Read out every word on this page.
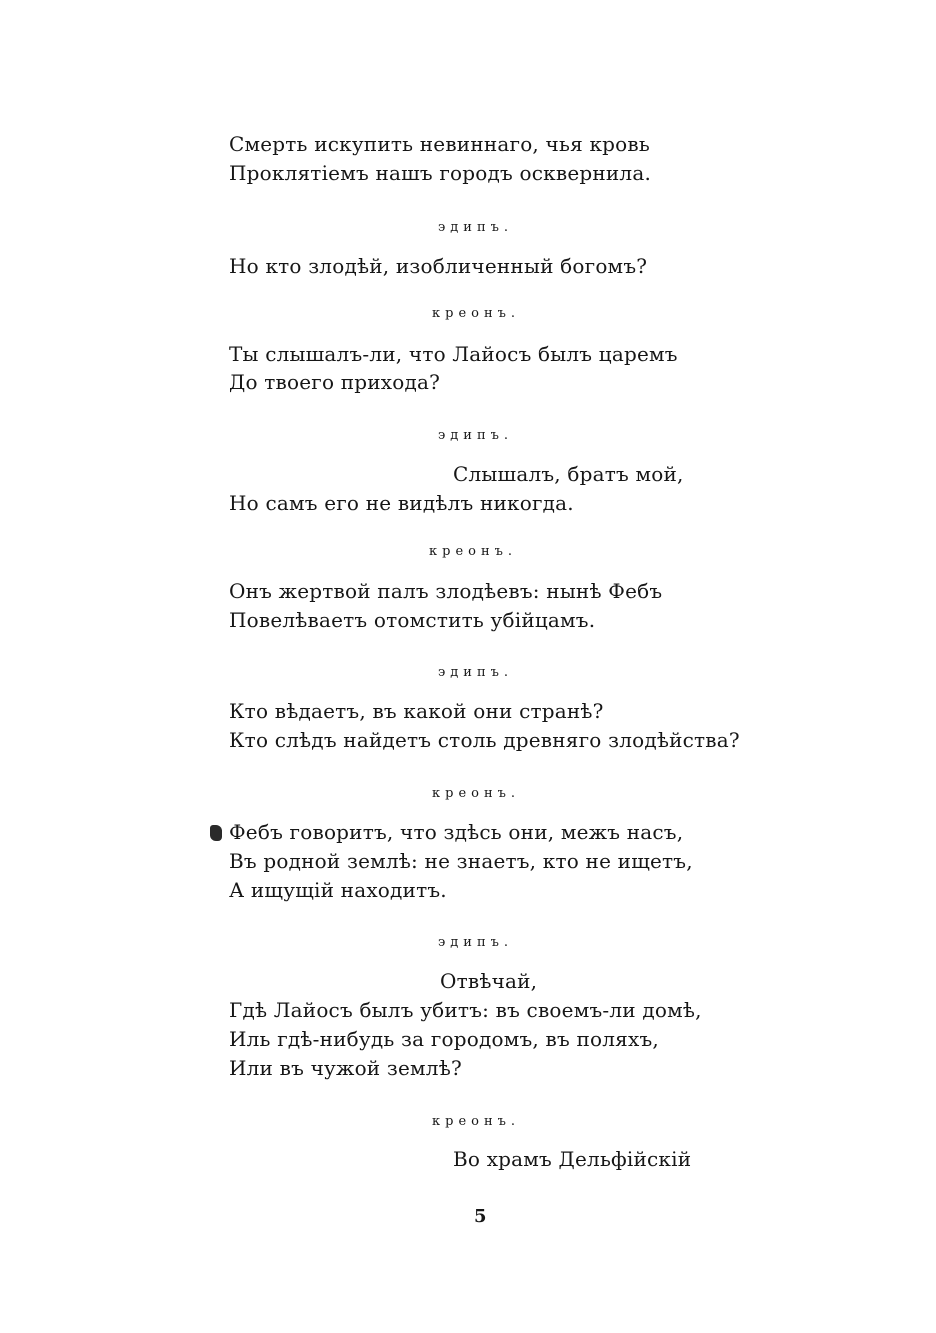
Смерть искупить невиннаго, чья кровь
Проклятіемъ нашъ городъ осквернила.
эдипъ.
Но кто злодѣй, изобличенный богомъ?
креонъ.
Ты слышалъ-ли, что Лайосъ былъ царемъ
До твоего прихода?
эдипъ.
Слышалъ, братъ мой,
Но самъ его не видѣлъ никогда.
креонъ.
Онъ жертвой палъ злодѣевъ: нынѣ Фебъ
Повелѣваетъ отомстить убійцамъ.
эдипъ.
Кто вѣдаетъ, въ какой они странѣ?
Кто слѣдъ найдетъ столь древняго злодѣйства?
креонъ.
Фебъ говоритъ, что здѣсь они, межъ насъ,
Въ родной землѣ: не знаетъ, кто не ищетъ,
А ищущій находитъ.
эдипъ.
Отвѣчай,
Гдѣ Лайосъ былъ убитъ: въ своемъ-ли домѣ,
Иль гдѣ-нибудь за городомъ, въ поляхъ,
Или въ чужой землѣ?
креонъ.
Во храмъ Дельфійскій
5
